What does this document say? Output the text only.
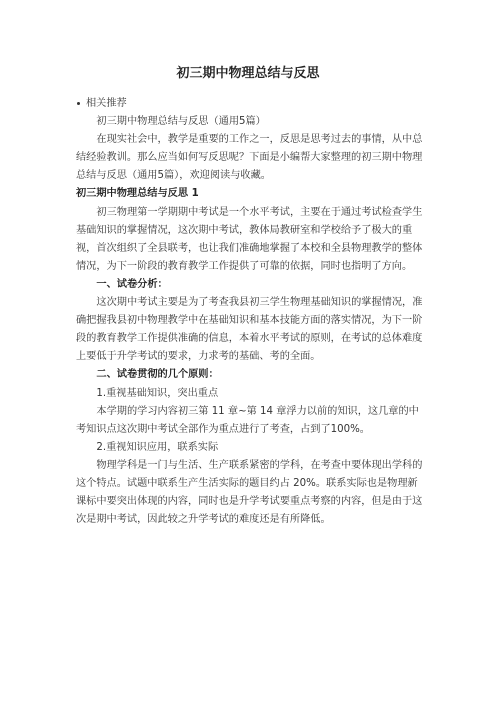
初三期中物理总结与反思

相关推荐

初三期中物理总结与反思（通用5篇）

在现实社会中，教学是重要的工作之一，反思是思考过去的事情，从中总结经验教训。那么应当如何写反思呢？下面是小编帮大家整理的初三期中物理总结与反思（通用5篇），欢迎阅读与收藏。

初三期中物理总结与反思 1

初三物理第一学期期中考试是一个水平考试，主要在于通过考试检查学生基础知识的掌握情况，这次期中考试，教体局教研室和学校给予了极大的重视，首次组织了全县联考，也让我们准确地掌握了本校和全县物理教学的整体情况，为下一阶段的教育教学工作提供了可靠的依据，同时也指明了方向。

一、试卷分析：

这次期中考试主要是为了考查我县初三学生物理基础知识的掌握情况，准确把握我县初中物理教学中在基础知识和基本技能方面的落实情况，为下一阶段的教育教学工作提供准确的信息，本着水平考试的原则，在考试的总体难度上要低于升学考试的要求，力求考的基础、考的全面。

二、试卷贯彻的几个原则：

1.重视基础知识，突出重点

本学期的学习内容初三第 11 章~第 14 章浮力以前的知识，这几章的中考知识点这次期中考试全部作为重点进行了考查，占到了100%。

2.重视知识应用，联系实际

物理学科是一门与生活、生产联系紧密的学科，在考查中要体现出学科的这个特点。试题中联系生产生活实际的题目约占 20%。联系实际也是物理新课标中要突出体现的内容，同时也是升学考试要重点考察的内容，但是由于这次是期中考试，因此较之升学考试的难度还是有所降低。
